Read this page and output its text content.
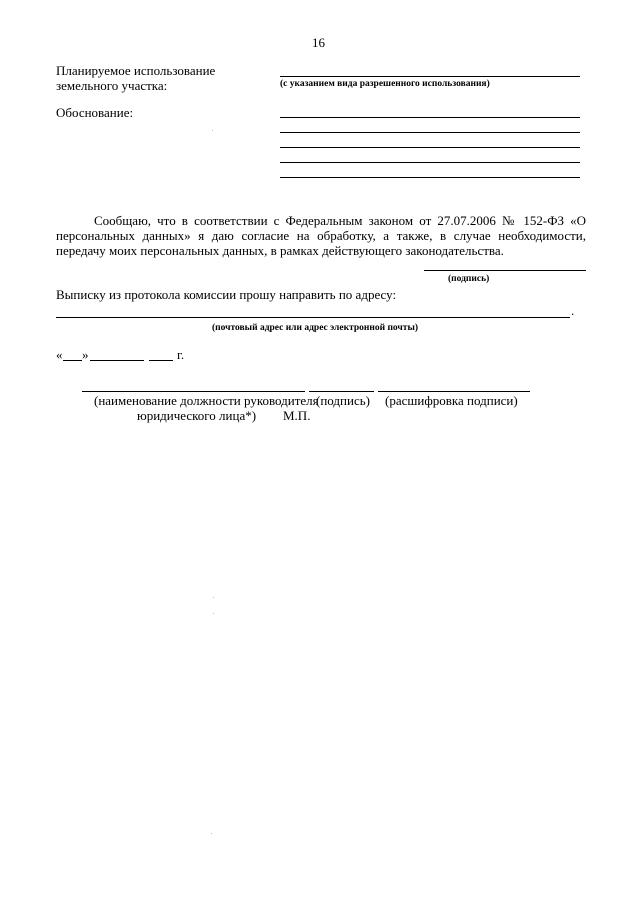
16
Планируемое использование
земельного участка:	(с указанием вида разрешенного использования)
Обоснование:
Сообщаю, что в соответствии с Федеральным законом от 27.07.2006 № 152-ФЗ «О персональных данных» я даю согласие на обработку, а также, в случае необходимости, передачу моих персональных данных, в рамках действующего законодательства.
(подпись)
Выписку из протокола комиссии прошу направить по адресу:
.
(почтовый адрес или адрес электронной почты)
« »	г.
(наименование должности руководителя
(подпись) (расшифровка подписи)
юридического лица*) М.П.
